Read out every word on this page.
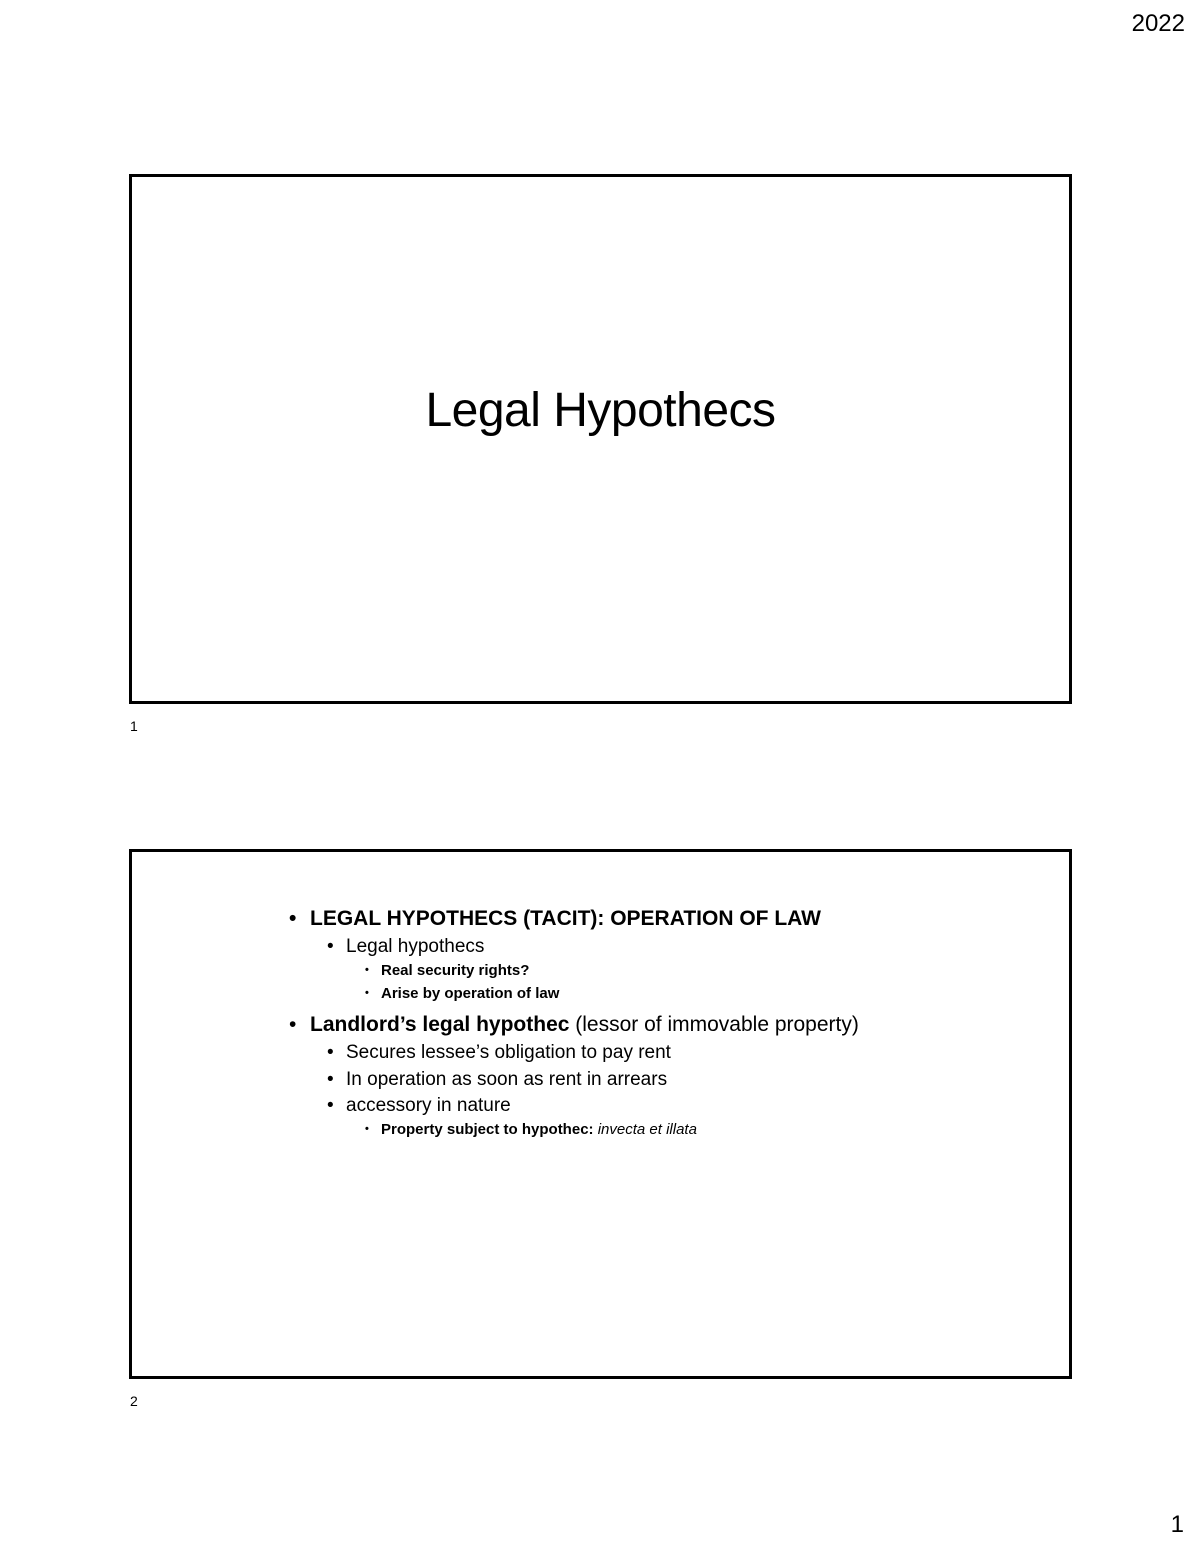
2022
Legal Hypothecs
1
• LEGAL HYPOTHECS (TACIT): OPERATION OF LAW
• Legal hypothecs
• Real security rights?
• Arise by operation of law
• Landlord’s legal hypothec (lessor of immovable property)
• Secures lessee’s obligation to pay rent
• In operation as soon as rent in arrears
• accessory in nature
• Property subject to hypothec: invecta et illata
2
1
